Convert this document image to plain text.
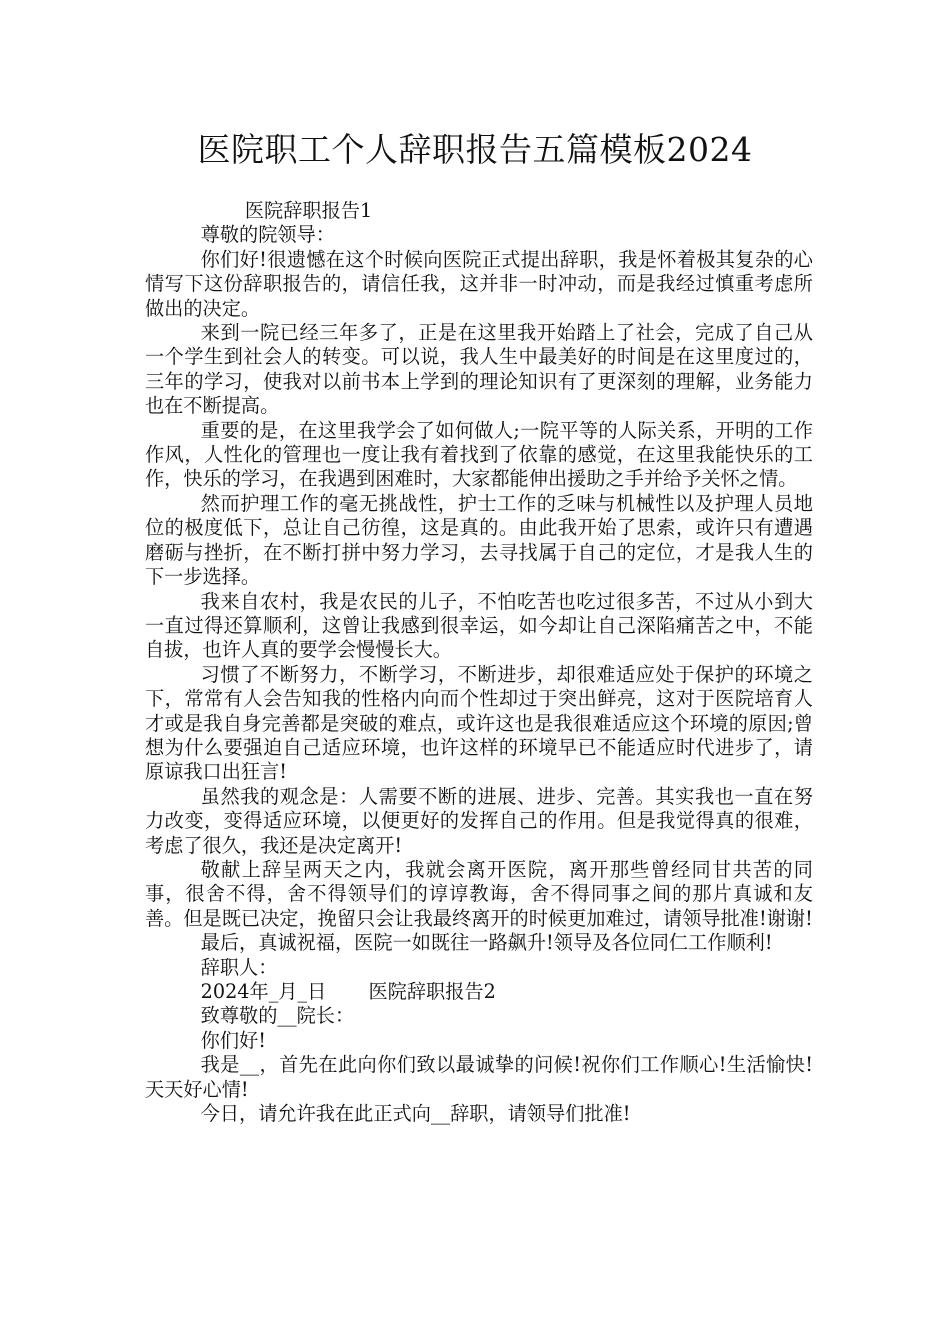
医院职工个人辞职报告五篇模板2024

医院辞职报告1

尊敬的院领导：

你们好!很遗憾在这个时候向医院正式提出辞职，我是怀着极其复杂的心情写下这份辞职报告的，请信任我，这并非一时冲动，而是我经过慎重考虑所做出的决定。

来到一院已经三年多了，正是在这里我开始踏上了社会，完成了自己从一个学生到社会人的转变。可以说，我人生中最美好的时间是在这里度过的，三年的学习，使我对以前书本上学到的理论知识有了更深刻的理解，业务能力也在不断提高。

重要的是，在这里我学会了如何做人;一院平等的人际关系，开明的工作作风，人性化的管理也一度让我有着找到了依靠的感觉，在这里我能快乐的工作，快乐的学习，在我遇到困难时，大家都能伸出援助之手并给予关怀之情。

然而护理工作的毫无挑战性，护士工作的乏味与机械性以及护理人员地位的极度低下，总让自己彷徨，这是真的。由此我开始了思索，或许只有遭遇磨砺与挫折，在不断打拼中努力学习，去寻找属于自己的定位，才是我人生的下一步选择。

我来自农村，我是农民的儿子，不怕吃苦也吃过很多苦，不过从小到大一直过得还算顺利，这曾让我感到很幸运，如今却让自己深陷痛苦之中，不能自拔，也许人真的要学会慢慢长大。

习惯了不断努力，不断学习，不断进步，却很难适应处于保护的环境之下，常常有人会告知我的性格内向而个性却过于突出鲜亮，这对于医院培育人才或是我自身完善都是突破的难点，或许这也是我很难适应这个环境的原因;曾想为什么要强迫自己适应环境，也许这样的环境早已不能适应时代进步了，请原谅我口出狂言!

虽然我的观念是：人需要不断的进展、进步、完善。其实我也一直在努力改变，变得适应环境，以便更好的发挥自己的作用。但是我觉得真的很难，考虑了很久，我还是决定离开!

敬献上辞呈两天之内，我就会离开医院，离开那些曾经同甘共苦的同事，很舍不得，舍不得领导们的谆谆教诲，舍不得同事之间的那片真诚和友善。但是既已决定，挽留只会让我最终离开的时候更加难过，请领导批准!谢谢!

最后，真诚祝福，医院一如既往一路飙升!领导及各位同仁工作顺利!

辞职人：

2024年_月_日 医院辞职报告2

致尊敬的__院长：

你们好!

我是__，首先在此向你们致以最诚挚的问候!祝你们工作顺心!生活愉快!天天好心情!

今日，请允许我在此正式向__辞职，请领导们批准!
